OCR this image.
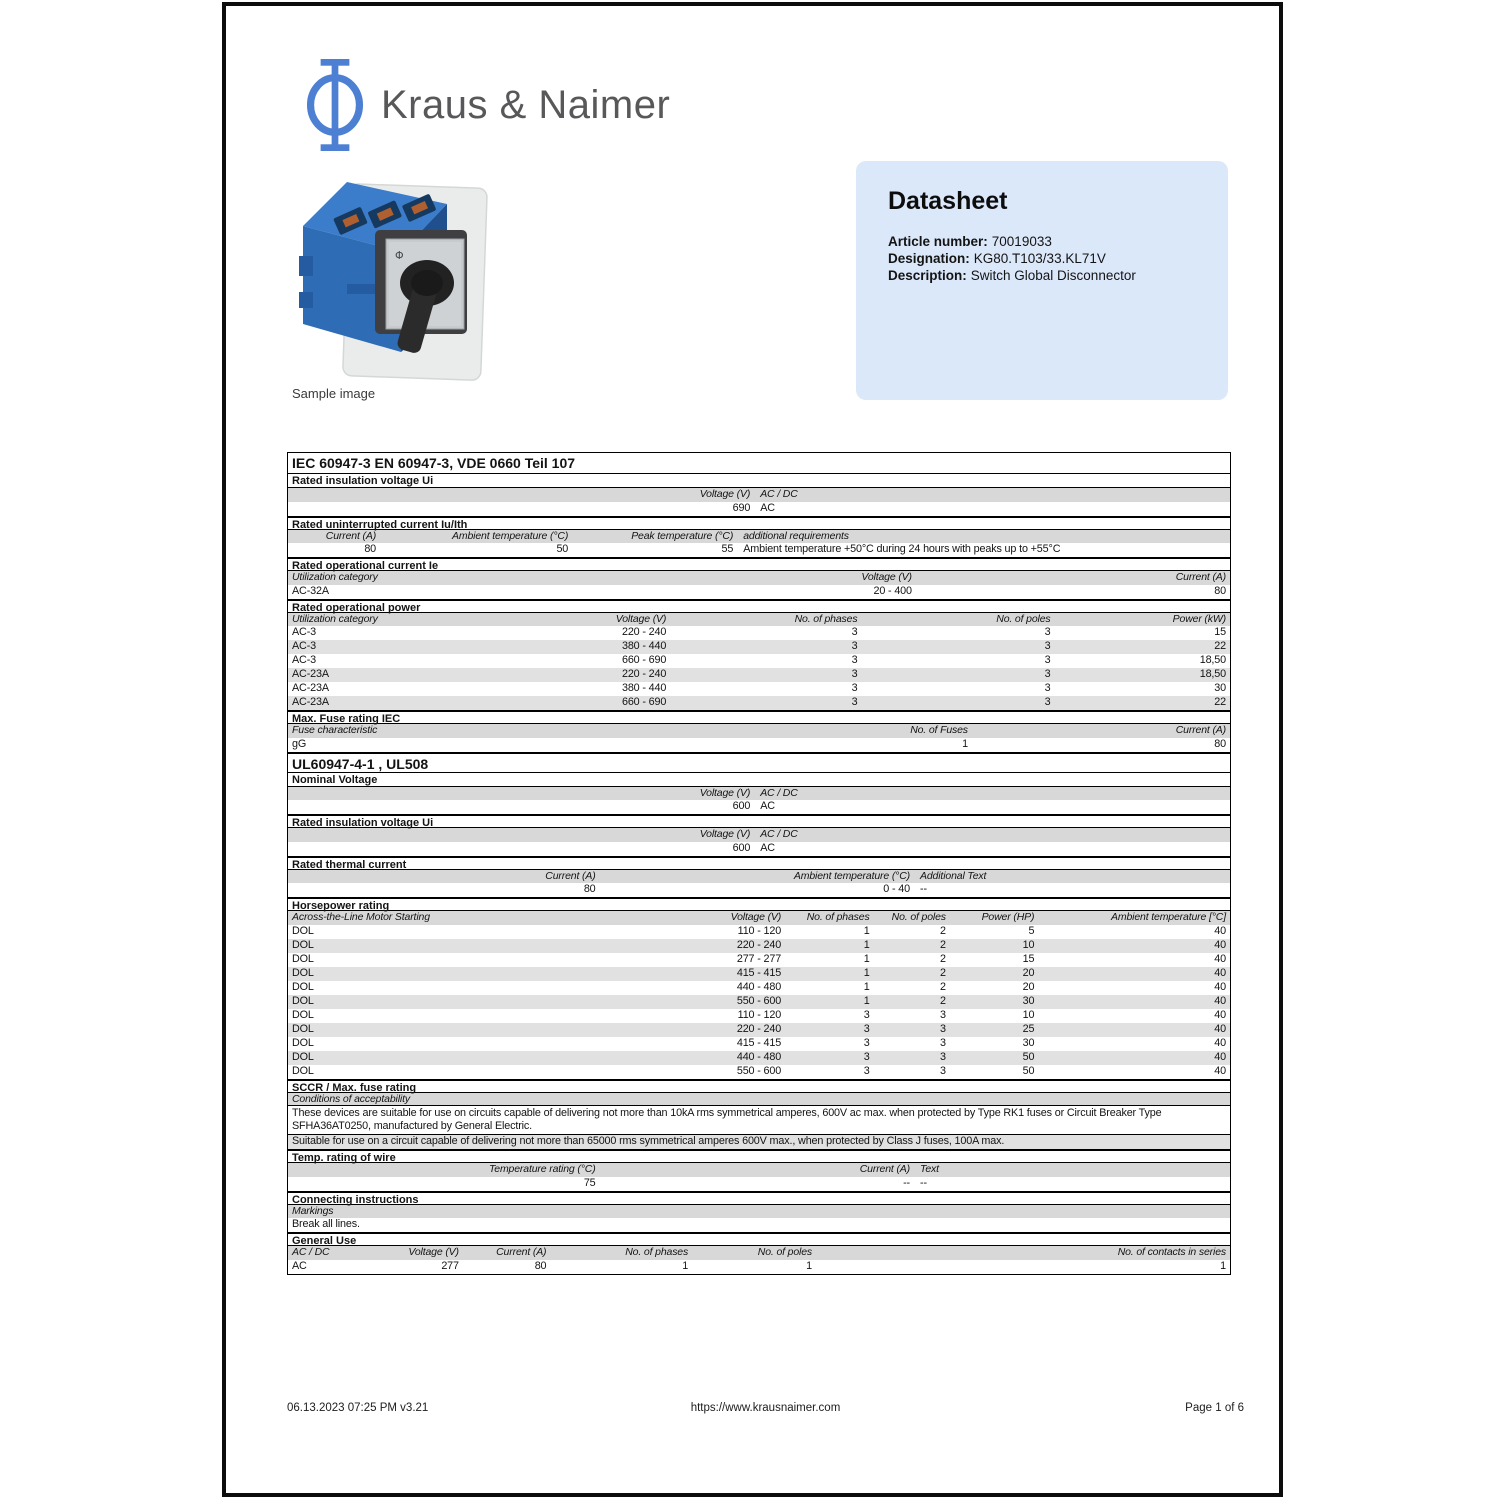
Kraus & Naimer
Φ
Sample image
Datasheet
Article number: 70019033
Designation: KG80.T103/33.KL71V
Description: Switch Global Disconnector
IEC 60947-3 EN 60947-3, VDE 0660 Teil 107
Rated insulation voltage Ui
Voltage (V) AC / DC
690 AC
Rated uninterrupted current Iu/Ith
Current (A)	Ambient temperature (°C)	Peak temperature (°C) additional requirements
80	50	55 Ambient temperature +50°C during 24 hours with peaks up to +55°C
Rated operational current Ie
Utilization category	Voltage (V)	Current (A)
AC-32A	20 - 400	80
Rated operational power
Utilization category	Voltage (V)	No. of phases	No. of poles	Power (kW)
AC-3	220 - 240	3	3	15
AC-3	380 - 440	3	3	22
AC-3	660 - 690	3	3	18,50
AC-23A	220 - 240	3	3	18,50
AC-23A	380 - 440	3	3	30
AC-23A	660 - 690	3	3	22
Max. Fuse rating IEC
Fuse characteristic	No. of Fuses	Current (A)
gG	1	80
UL60947-4-1 , UL508
Nominal Voltage
Voltage (V) AC / DC
600 AC
Rated insulation voltage Ui
Voltage (V) AC / DC
600 AC
Rated thermal current
Current (A)	Ambient temperature (°C) Additional Text
80	0 - 40 --
Horsepower rating
Across-the-Line Motor Starting	Voltage (V)	No. of phases	No. of poles	Power (HP)	Ambient temperature [°C]
DOL	110 - 120	1	2	5	40
DOL	220 - 240	1	2	10	40
DOL	277 - 277	1	2	15	40
DOL	415 - 415	1	2	20	40
DOL	440 - 480	1	2	20	40
DOL	550 - 600	1	2	30	40
DOL	110 - 120	3	3	10	40
DOL	220 - 240	3	3	25	40
DOL	415 - 415	3	3	30	40
DOL	440 - 480	3	3	50	40
DOL	550 - 600	3	3	50	40
SCCR / Max. fuse rating
Conditions of acceptability
These devices are suitable for use on circuits capable of delivering not more than 10kA rms symmetrical amperes, 600V ac max. when protected by Type RK1 fuses or Circuit Breaker Type SFHA36AT0250, manufactured by General Electric.
Suitable for use on a circuit capable of delivering not more than 65000 rms symmetrical amperes 600V max., when protected by Class J fuses, 100A max.
Temp. rating of wire
Temperature rating (°C)	Current (A) Text
75	-- --
Connecting instructions
Markings
Break all lines.
General Use
AC / DC	Voltage (V)	Current (A)	No. of phases	No. of poles	No. of contacts in series
AC	277	80	1	1	1
06.13.2023 07:25 PM v3.21	https://www.krausnaimer.com	Page 1 of 6
